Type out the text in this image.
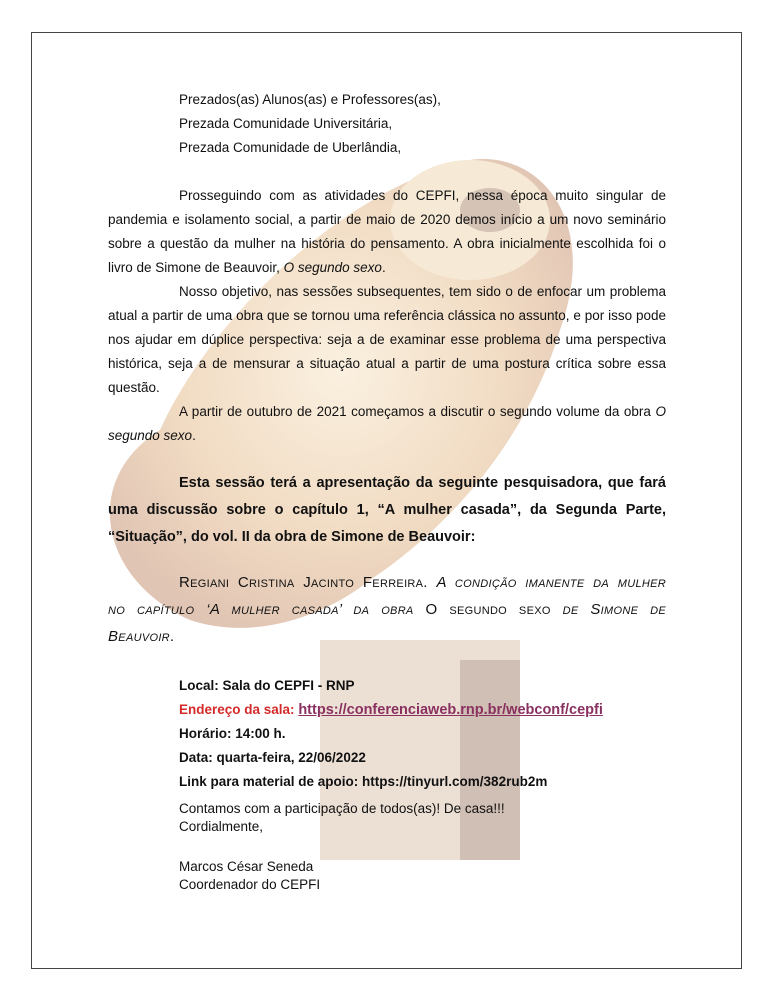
Prezados(as) Alunos(as) e Professores(as),

Prezada Comunidade Universitária,

Prezada Comunidade de Uberlândia,

Prosseguindo com as atividades do CEPFI, nessa época muito singular de pandemia e isolamento social, a partir de maio de 2020 demos início a um novo seminário sobre a questão da mulher na história do pensamento. A obra inicialmente escolhida foi o livro de Simone de Beauvoir, O segundo sexo.

Nosso objetivo, nas sessões subsequentes, tem sido o de enfocar um problema atual a partir de uma obra que se tornou uma referência clássica no assunto, e por isso pode nos ajudar em dúplice perspectiva: seja a de examinar esse problema de uma perspectiva histórica, seja a de mensurar a situação atual a partir de uma postura crítica sobre essa questão.

A partir de outubro de 2021 começamos a discutir o segundo volume da obra O segundo sexo.

Esta sessão terá a apresentação da seguinte pesquisadora, que fará uma discussão sobre o capítulo 1, “A mulher casada”, da Segunda Parte, “Situação”, do vol. II da obra de Simone de Beauvoir:

Regiani Cristina Jacinto Ferreira. A condição imanente da mulher no capítulo ‘A mulher casada’ da obra O segundo sexo de Simone de Beauvoir.

Local: Sala do CEPFI - RNP
Endereço da sala: https://conferenciaweb.rnp.br/webconf/cepfi
Horário: 14:00 h.
Data: quarta-feira, 22/06/2022
Link para material de apoio: https://tinyurl.com/382rub2m
Contamos com a participação de todos(as)! De casa!!!
Cordialmente,
Marcos César Seneda
Coordenador do CEPFI
